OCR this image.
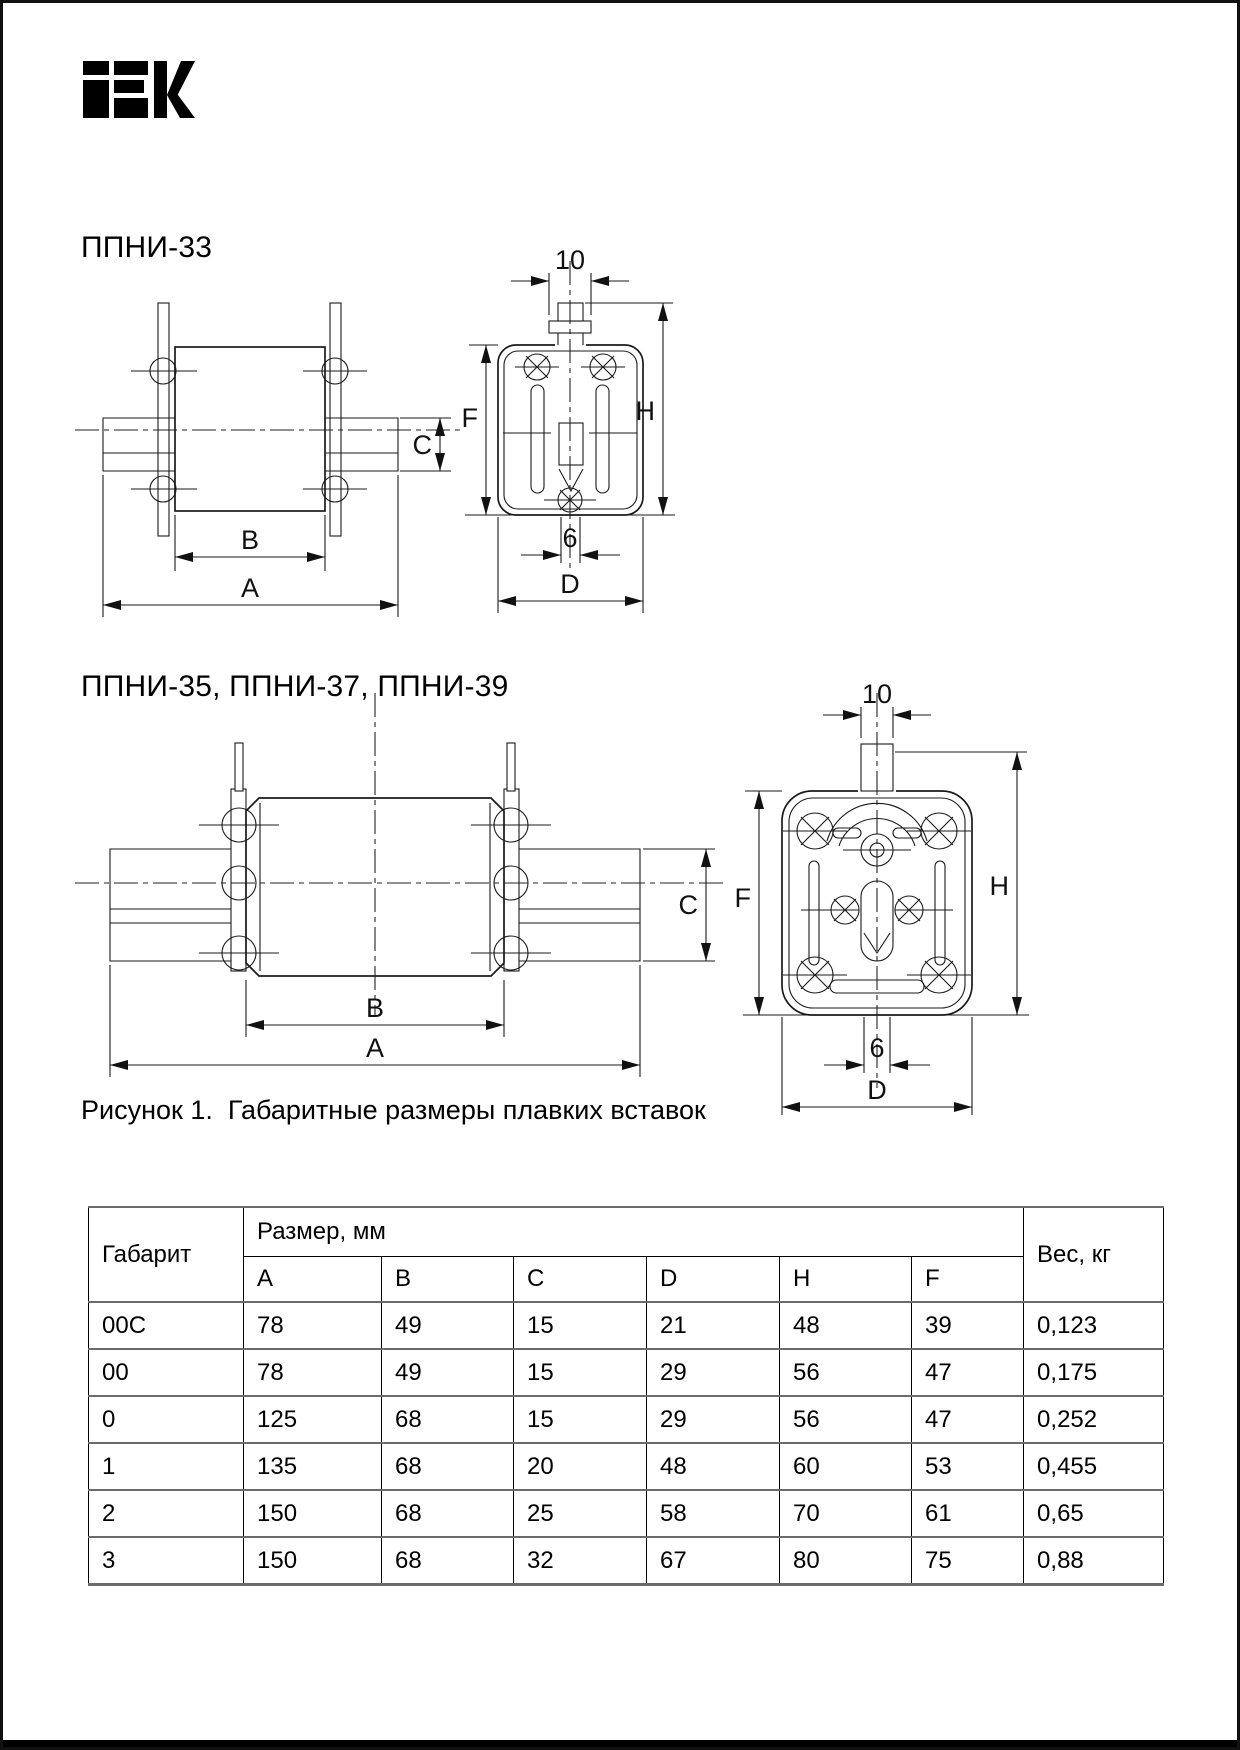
B
A
C
10
F	H
6
D
B
A
C
10
F	H
6
D
ППНИ-33
ППНИ-35, ППНИ-37, ППНИ-39
Рисунок 1.  Габаритные размеры плавких вставок
Габарит	Размер, мм						Вес, кг
	A	B	C	D	H	F	
00C	78	49	15	21	48	39	0,123
00	78	49	15	29	56	47	0,175
0	125	68	15	29	56	47	0,252
1	135	68	20	48	60	53	0,455
2	150	68	25	58	70	61	0,65
3	150	68	32	67	80	75	0,88
